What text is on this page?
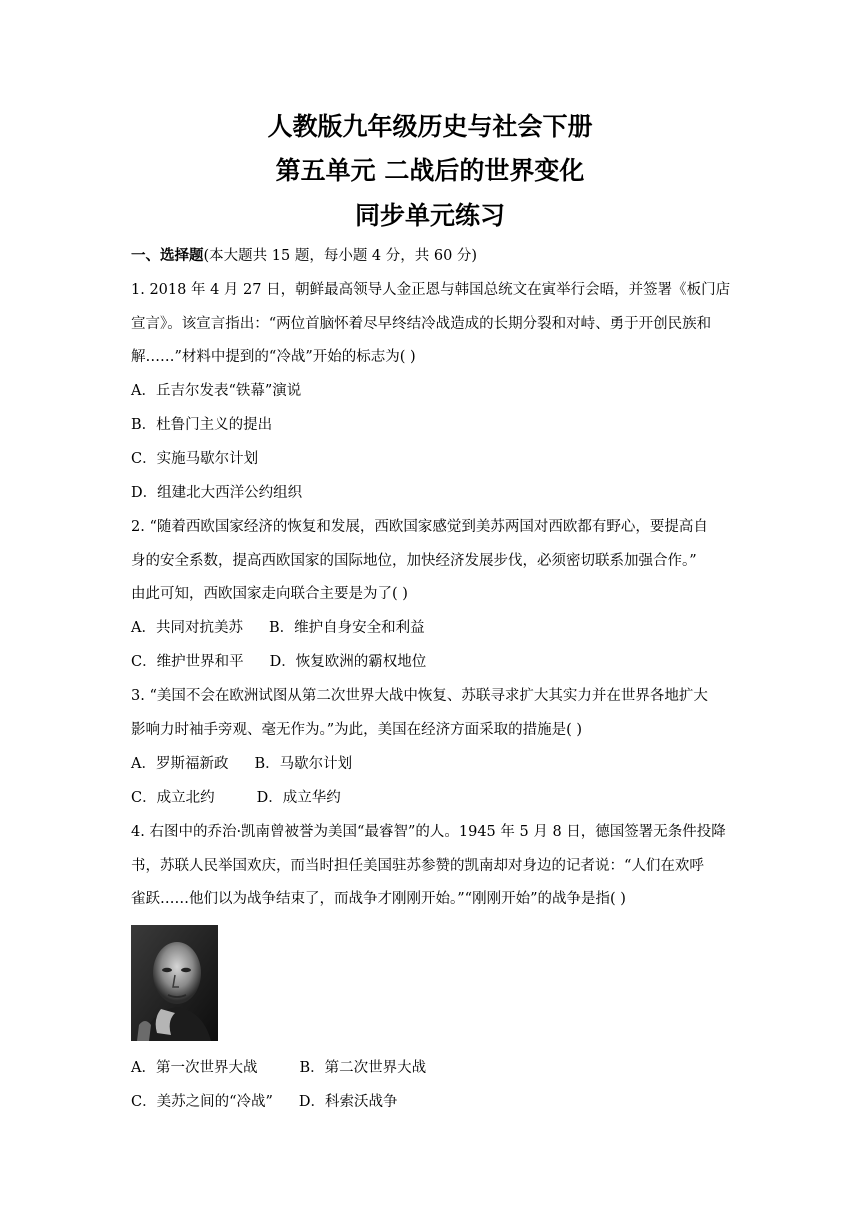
人教版九年级历史与社会下册
第五单元 二战后的世界变化
同步单元练习
一、选择题(本大题共 15 题，每小题 4 分，共 60 分)
1. 2018 年 4 月 27 日，朝鲜最高领导人金正恩与韩国总统文在寅举行会晤，并签署《板门店
宣言》。该宣言指出：“两位首脑怀着尽早终结冷战造成的长期分裂和对峙、勇于开创民族和
解……”材料中提到的“冷战”开始的标志为( )
A．丘吉尔发表“铁幕”演说
B．杜鲁门主义的提出
C．实施马歇尔计划
D．组建北大西洋公约组织
2. “随着西欧国家经济的恢复和发展，西欧国家感觉到美苏两国对西欧都有野心，要提高自
身的安全系数，提高西欧国家的国际地位，加快经济发展步伐，必须密切联系加强合作。”
由此可知，西欧国家走向联合主要是为了( )
A．共同对抗美苏 B．维护自身安全和利益
C．维护世界和平 D．恢复欧洲的霸权地位
3. “美国不会在欧洲试图从第二次世界大战中恢复、苏联寻求扩大其实力并在世界各地扩大
影响力时袖手旁观、毫无作为。”为此，美国在经济方面采取的措施是( )
A．罗斯福新政 B．马歇尔计划
C．成立北约	D．成立华约
4. 右图中的乔治·凯南曾被誉为美国“最睿智”的人。1945 年 5 月 8 日，德国签署无条件投降
书，苏联人民举国欢庆，而当时担任美国驻苏参赞的凯南却对身边的记者说：“人们在欢呼
雀跃……他们以为战争结束了，而战争才刚刚开始。”“刚刚开始”的战争是指( )
A．第一次世界大战	B．第二次世界大战
C．美苏之间的“冷战” D．科索沃战争
